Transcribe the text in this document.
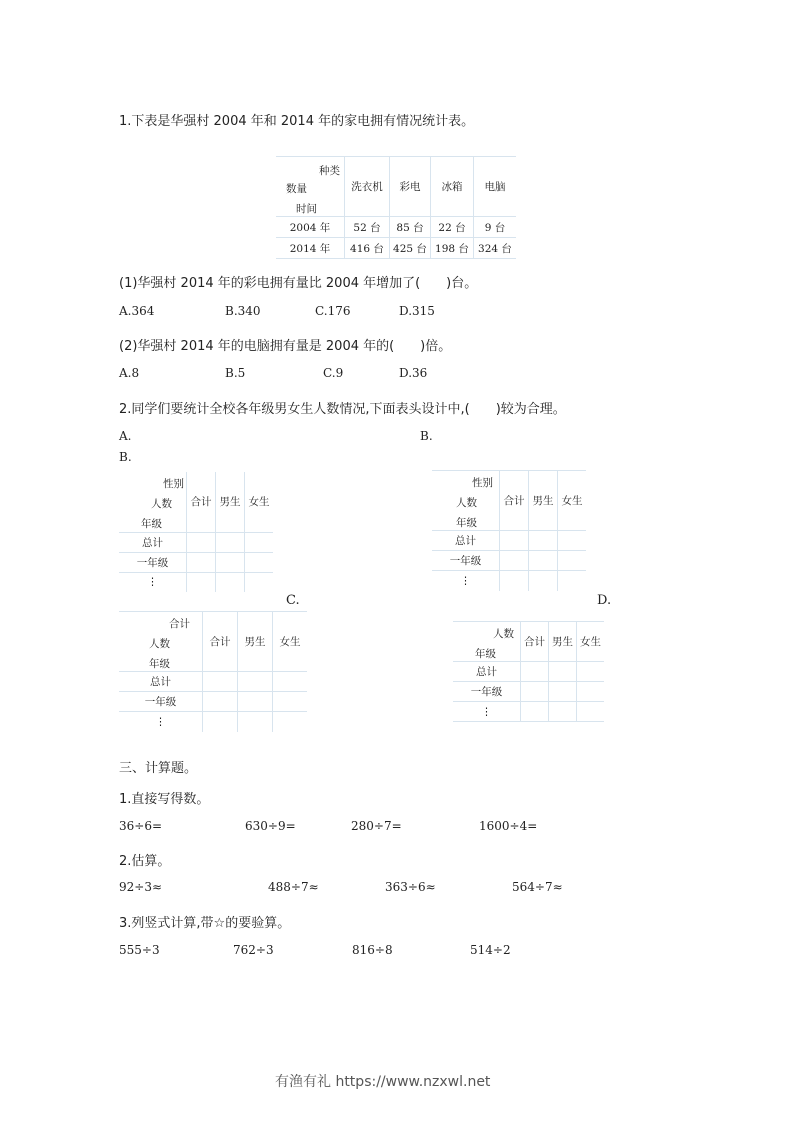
1.下表是华强村 2004 年和 2014 年的家电拥有情况统计表。
种类
数量
时间	洗衣机	彩电	冰箱	电脑
2004 年	52 台	85 台	22 台	9 台
2014 年	416 台	425 台	198 台	324 台
(1)华强村 2014 年的彩电拥有量比 2004 年增加了(　　)台。
A.364	B.340	C.176	D.315
(2)华强村 2014 年的电脑拥有量是 2004 年的(　　)倍。
A.8	B.5	C.9	D.36
2.同学们要统计全校各年级男女生人数情况,下面表头设计中,(　　)较为合理。
A.	B.
B.
性别
人数
年级	合计	男生	女生
总计			
一年级			
⋮			
性别
人数
年级	合计	男生	女生
总计			
一年级			
⋮			
C.	D.
合计
人数
年级	合计	男生	女生
总计			
一年级			
⋮			
人数
年级	合计	男生	女生
总计			
一年级			
⋮			
三、计算题。
1.直接写得数。
36÷6=	630÷9=	280÷7=	1600÷4=
2.估算。
92÷3≈	488÷7≈	363÷6≈	564÷7≈
3.列竖式计算,带☆的要验算。
555÷3	762÷3	816÷8	514÷2
有渔有礼 https://www.nzxwl.net
